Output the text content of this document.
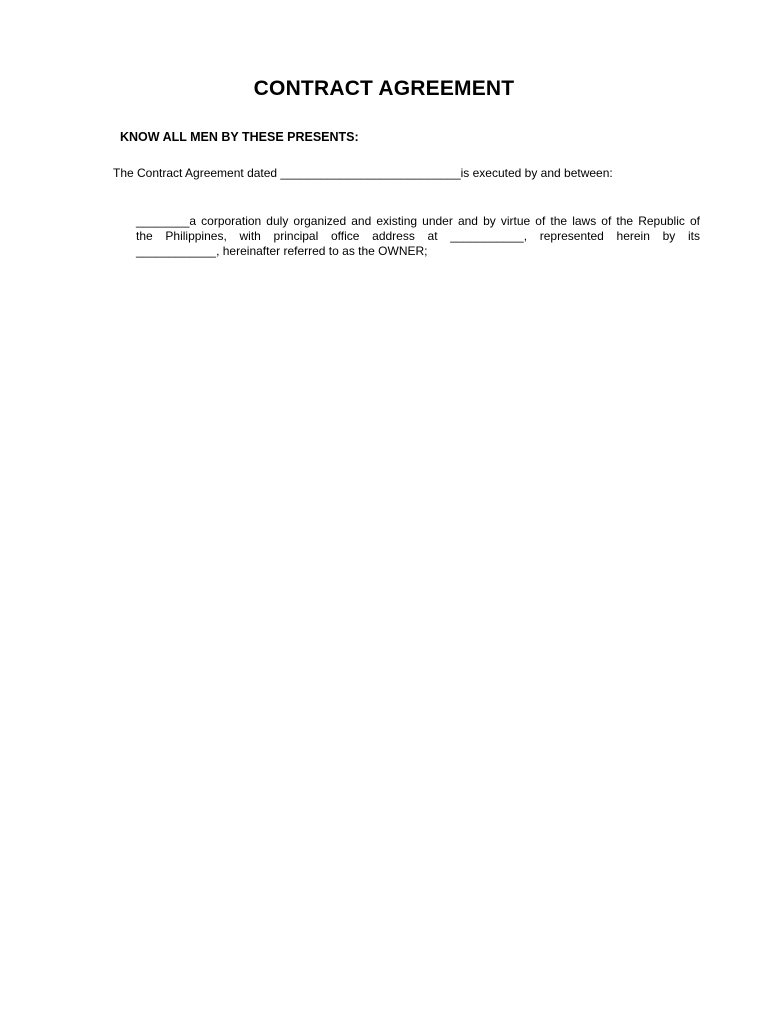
CONTRACT AGREEMENT
KNOW ALL MEN BY THESE PRESENTS:
The Contract Agreement dated ___________________________is executed by and between:
________a corporation duly organized and existing under and by virtue of the laws of the Republic of
the Philippines, with principal office address at ___________, represented herein by its
____________, hereinafter referred to as the OWNER;
